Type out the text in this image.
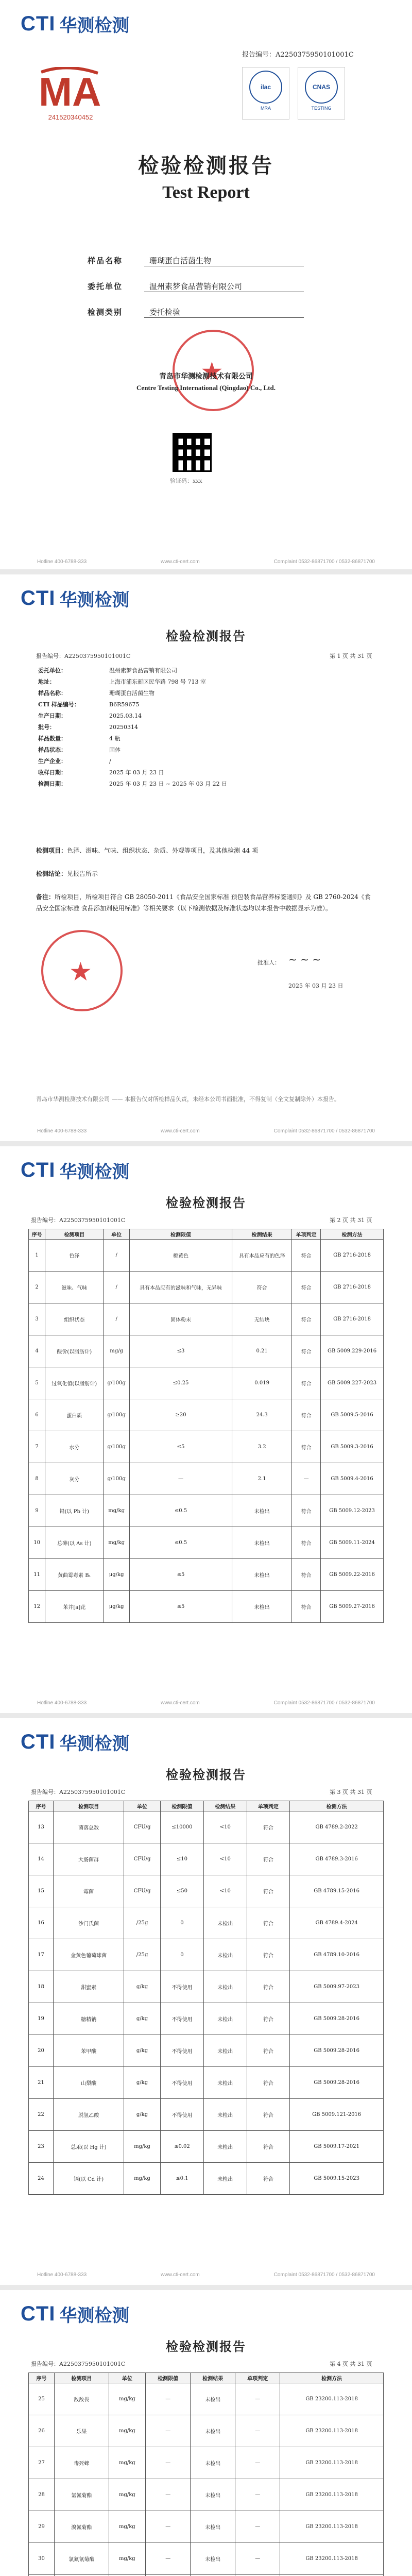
CTI 华测检测
报告编号：A2250375950101001C
MA
241520340452
ilac
MRA
CNAS
TESTING
检验检测报告
Test Report
样品名称	珊瑚蛋白活菌生物
委托单位	温州素梦食品营销有限公司
检测类别	委托检验
★
青岛市华测检测技术有限公司
Centre Testing International (Qingdao) Co., Ltd.
验证码：xxx
Hotline 400-6788-333	www.cti-cert.com	Complaint 0532-86871700 / 0532-86871700
CTI 华测检测
检验检测报告
报告编号：A2250375950101001C	第 1 页 共 31 页
委托单位：	温州素梦食品营销有限公司
地址：	上海市浦东新区民华路 798 号 713 室
样品名称：	珊瑚蛋白活菌生物
CTI 样品编号：	B6R59675
生产日期：	2025.03.14
批号：	20250314
样品数量：	4 瓶
样品状态：	固体
生产企业：	/
收样日期：	2025 年 03 月 23 日
检测日期：	2025 年 03 月 23 日 ~ 2025 年 03 月 22 日
检测项目：色泽、滋味、气味、组织状态、杂质、外观等项目，及其他检测 44 项
检测结论：见报告所示
备注：所检项目，所检项目符合 GB 28050-2011《食品安全国家标准 预包装食品营养标签通则》及 GB 2760-2024《食品安全国家标准 食品添加剂使用标准》等相关要求（以下检测依据及标准状态均以本报告中数据显示为准）。
★	批准人： ~ ~ ~
2025 年 03 月 23 日
青岛市华测检测技术有限公司 —— 本报告仅对所检样品负责，未经本公司书面批准，不得复制（全文复制除外）本报告。
Hotline 400-6788-333	www.cti-cert.com	Complaint 0532-86871700 / 0532-86871700
CTI 华测检测
检验检测报告
报告编号：A2250375950101001C	第 2 页 共 31 页
序号	检测项目	单位	检测限值	检测结果	单项判定	检测方法
1	色泽	/	橙黄色	具有本品应有的色泽	符合	GB 2716-2018
2	滋味、气味	/	具有本品应有的滋味和气味，无异味	符合	符合	GB 2716-2018
3	组织状态	/	固体粉末	无结块	符合	GB 2716-2018
4	酸价(以脂肪计)	mg/g	≤3	0.21	符合	GB 5009.229-2016
5	过氧化值(以脂肪计)	g/100g	≤0.25	0.019	符合	GB 5009.227-2023
6	蛋白质	g/100g	≥20	24.3	符合	GB 5009.5-2016
7	水分	g/100g	≤5	3.2	符合	GB 5009.3-2016
8	灰分	g/100g	—	2.1	—	GB 5009.4-2016
9	铅(以 Pb 计)	mg/kg	≤0.5	未检出	符合	GB 5009.12-2023
10	总砷(以 As 计)	mg/kg	≤0.5	未检出	符合	GB 5009.11-2024
11	黄曲霉毒素 B₁	μg/kg	≤5	未检出	符合	GB 5009.22-2016
12	苯并[a]芘	μg/kg	≤5	未检出	符合	GB 5009.27-2016
Hotline 400-6788-333	www.cti-cert.com	Complaint 0532-86871700 / 0532-86871700
CTI 华测检测
检验检测报告
报告编号：A2250375950101001C	第 3 页 共 31 页
序号	检测项目	单位	检测限值	检测结果	单项判定	检测方法
13	菌落总数	CFU/g	≤10000	<10	符合	GB 4789.2-2022
14	大肠菌群	CFU/g	≤10	<10	符合	GB 4789.3-2016
15	霉菌	CFU/g	≤50	<10	符合	GB 4789.15-2016
16	沙门氏菌	/25g	0	未检出	符合	GB 4789.4-2024
17	金黄色葡萄球菌	/25g	0	未检出	符合	GB 4789.10-2016
18	甜蜜素	g/kg	不得使用	未检出	符合	GB 5009.97-2023
19	糖精钠	g/kg	不得使用	未检出	符合	GB 5009.28-2016
20	苯甲酸	g/kg	不得使用	未检出	符合	GB 5009.28-2016
21	山梨酸	g/kg	不得使用	未检出	符合	GB 5009.28-2016
22	脱氢乙酸	g/kg	不得使用	未检出	符合	GB 5009.121-2016
23	总汞(以 Hg 计)	mg/kg	≤0.02	未检出	符合	GB 5009.17-2021
24	镉(以 Cd 计)	mg/kg	≤0.1	未检出	符合	GB 5009.15-2023
Hotline 400-6788-333	www.cti-cert.com	Complaint 0532-86871700 / 0532-86871700
CTI 华测检测
检验检测报告
报告编号：A2250375950101001C	第 4 页 共 31 页
序号	检测项目	单位	检测限值	检测结果	单项判定	检测方法
25	敌敌畏	mg/kg	—	未检出	—	GB 23200.113-2018
26	乐果	mg/kg	—	未检出	—	GB 23200.113-2018
27	毒死蜱	mg/kg	—	未检出	—	GB 23200.113-2018
28	氯氰菊酯	mg/kg	—	未检出	—	GB 23200.113-2018
29	溴氰菊酯	mg/kg	—	未检出	—	GB 23200.113-2018
30	氯氟氰菊酯	mg/kg	—	未检出	—	GB 23200.113-2018
